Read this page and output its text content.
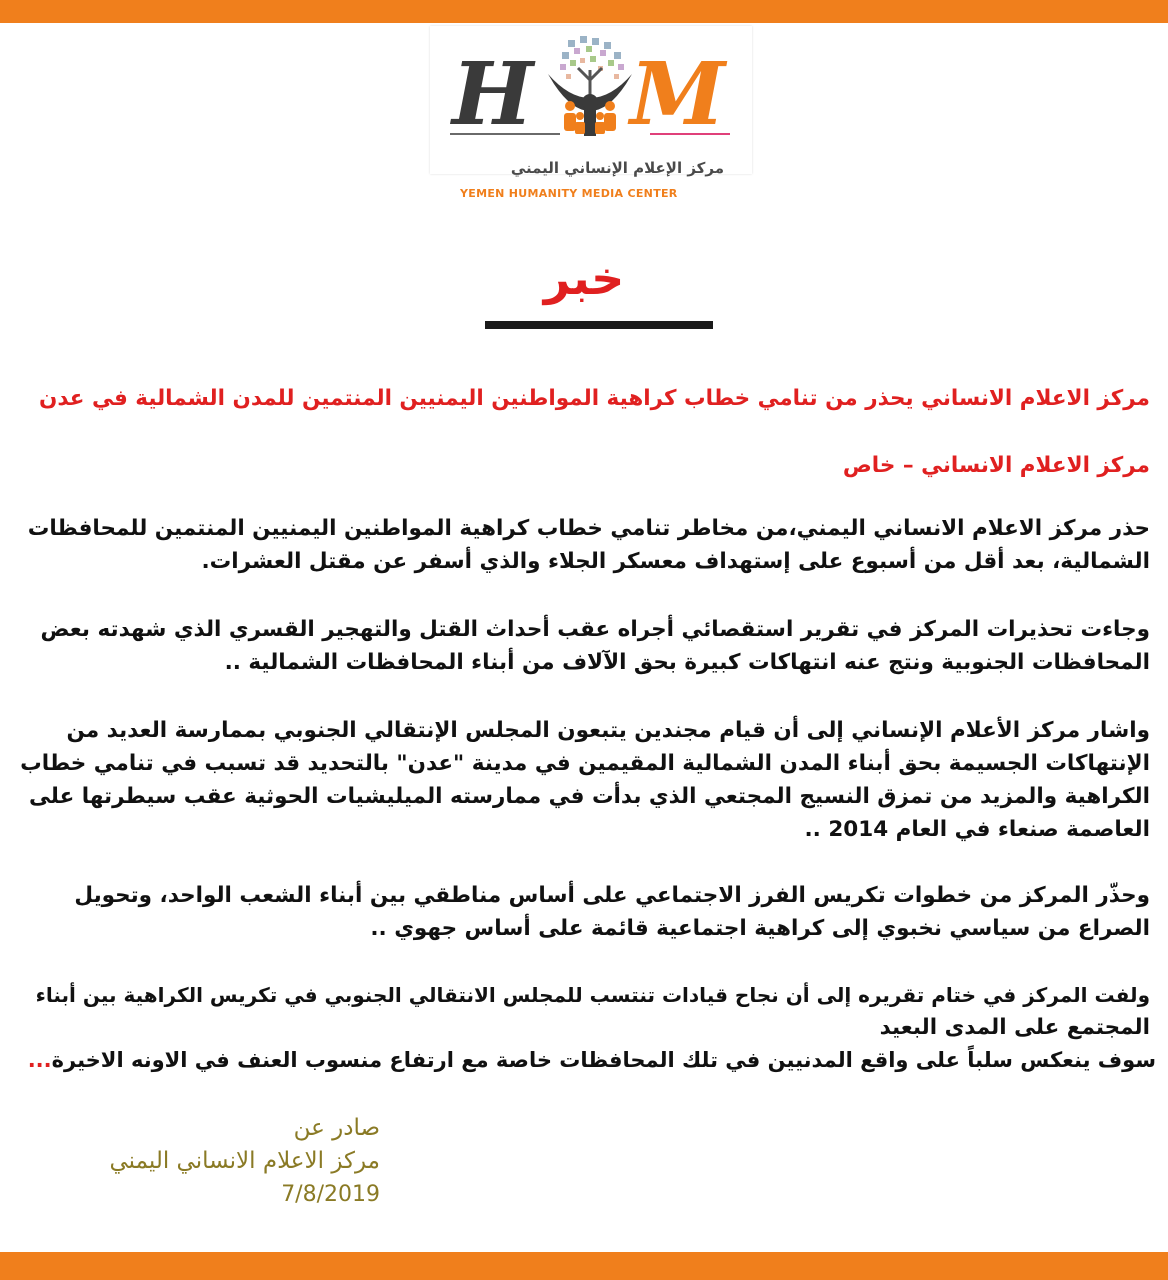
H M
مركز الإعلام الإنساني اليمني
YEMEN HUMANITY MEDIA CENTER
خبر
مركز الاعلام الانساني يحذر من تنامي خطاب كراهية المواطنين اليمنيين المنتمين للمدن الشمالية في عدن
مركز الاعلام الانساني – خاص
حذر مركز الاعلام الانساني اليمني،من مخاطر تنامي خطاب كراهية المواطنين اليمنيين المنتمين للمحافظات
الشمالية، بعد أقل من أسبوع على إستهداف معسكر الجلاء والذي أسفر عن مقتل العشرات.
وجاءت تحذيرات المركز في تقرير استقصائي أجراه عقب أحداث القتل والتهجير القسري الذي شهدته بعض
المحافظات الجنوبية ونتج عنه انتهاكات كبيرة بحق الآلاف من أبناء المحافظات الشمالية ..
واشار مركز الأعلام الإنساني إلى أن قيام مجندين يتبعون المجلس الإنتقالي الجنوبي بممارسة العديد من
الإنتهاكات الجسيمة بحق أبناء المدن الشمالية المقيمين في مدينة "عدن" بالتحديد قد تسبب في تنامي خطاب
الكراهية والمزيد من تمزق النسيج المجتعي الذي بدأت في ممارسته الميليشيات الحوثية عقب سيطرتها على
العاصمة صنعاء في العام 2014 ..
وحذّر المركز من خطوات تكريس الفرز الاجتماعي على أساس مناطقي بين أبناء الشعب الواحد، وتحويل
الصراع من سياسي نخبوي إلى كراهية اجتماعية قائمة على أساس جهوي ..
ولفت المركز في ختام تقريره إلى أن نجاح قيادات تنتسب للمجلس الانتقالي الجنوبي في تكريس الكراهية بين أبناء
المجتمع على المدى البعيد
سوف ينعكس سلباً على واقع المدنيين في تلك المحافظات خاصة مع ارتفاع منسوب العنف في الاونه الاخيرة...
صادر عن
مركز الاعلام الانساني اليمني
7/8/2019
